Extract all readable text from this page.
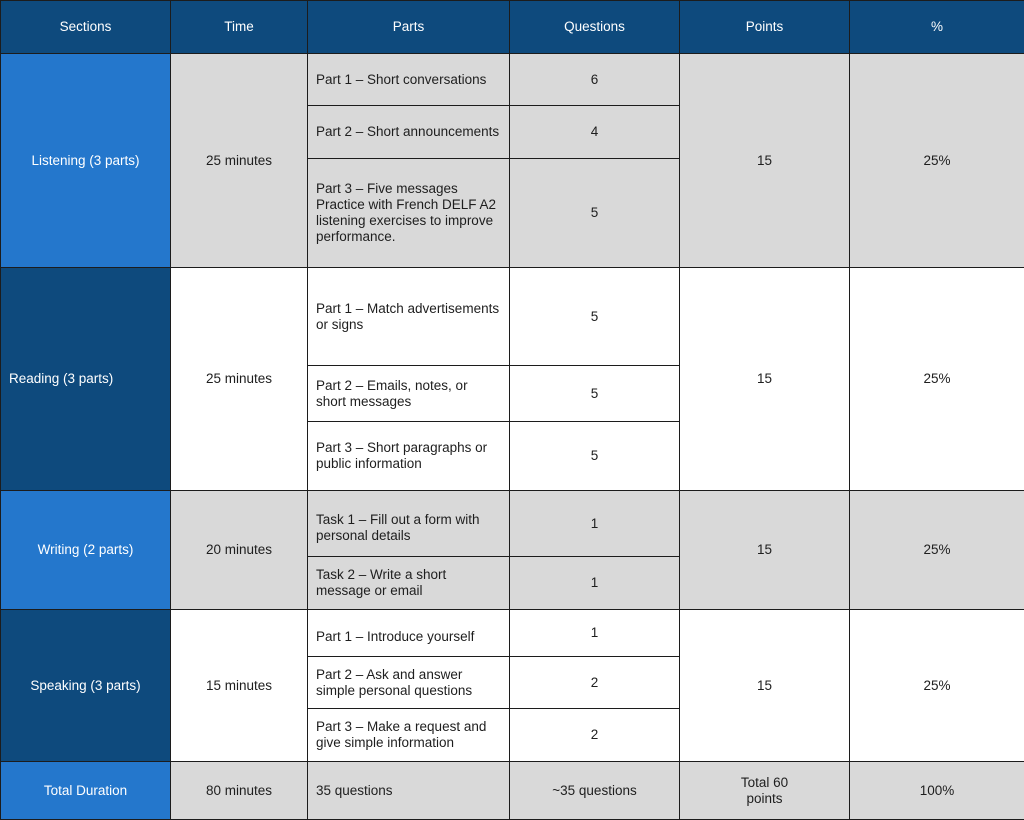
Sections	Time	Parts	Questions	Points	%
Listening (3 parts)	25 minutes	Part 1 – Short conversations	6	15	25%
		Part 2 – Short announcements	4		
		Part 3 – Five messages Practice with French DELF A2 listening exercises to improve performance.	5		
Reading (3 parts)	25 minutes	Part 1 – Match advertisements or signs	5	15	25%
		Part 2 – Emails, notes, or short messages	5		
		Part 3 – Short paragraphs or public information	5		
Writing (2 parts)	20 minutes	Task 1 – Fill out a form with personal details	1	15	25%
		Task 2 – Write a short message or email	1		
Speaking (3 parts)	15 minutes	Part 1 – Introduce yourself	1	15	25%
		Part 2 – Ask and answer simple personal questions	2		
		Part 3 – Make a request and give simple information	2		
Total Duration	80 minutes	35 questions	~35 questions	Total 60 points	100%
